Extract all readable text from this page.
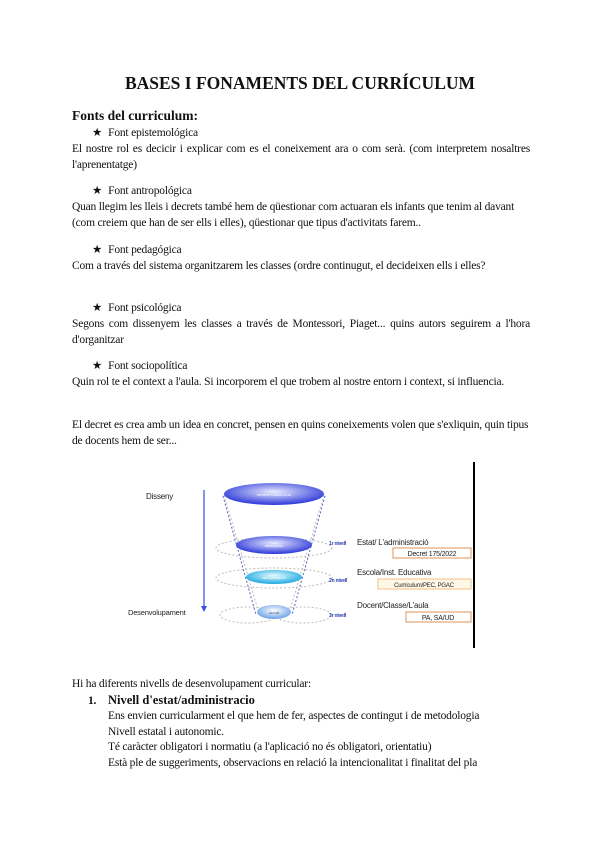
BASES I FONAMENTS DEL CURRÍCULUM
Fonts del curriculum:
★ Font epistemológica
El nostre rol es decicir i explicar com es el coneixement ara o com serà. (com interpretem nosaltres l'aprenentatge)
★ Font antropológica
Quan llegim les lleis i decrets també hem de qüestionar com actuaran els infants que tenim al davant (com creiem que han de ser ells i elles), qüestionar que tipus d'activitats farem..
★ Font pedagógica
Com a través del sistema organitzarem les classes (ordre continugut, el decideixen ells i elles?
★ Font psicológica
Segons com dissenyem les classes a través de Montessori, Piaget... quins autors seguirem a l'hora d'organitzar
★ Font sociopolítica
Quin rol te el context a l'aula. Si incorporem el que trobem al nostre entorn i context, si influencia.
El decret es crea amb un idea en concret, pensen en quins coneixements volen que s'exliquin, quin tipus de docents hem de ser...
Disseny
Desenvolupament
DISSENY CURRICULAR
PROGRAMA
PROGRAMACIÓ
ACCIÓ
1r nivell Estat/ L'administració
Decret 175/2022
2n nivell
Escola/Inst. Educativa
Currículum/PEC, PGAC
3r nivell
Docent/Classe/L'aula
PA, SA/UD
Hi ha diferents nivells de desenvolupament curricular:
1. Nivell d'estat/administracio
Ens envien curricularment el que hem de fer, aspectes de contingut i de metodologia
Nivell estatal i autonomic.
Té caràcter obligatori i normatiu (a l'aplicació no és obligatori, orientatiu)
Està ple de suggeriments, observacions en relació la intencionalitat i finalitat del pla
